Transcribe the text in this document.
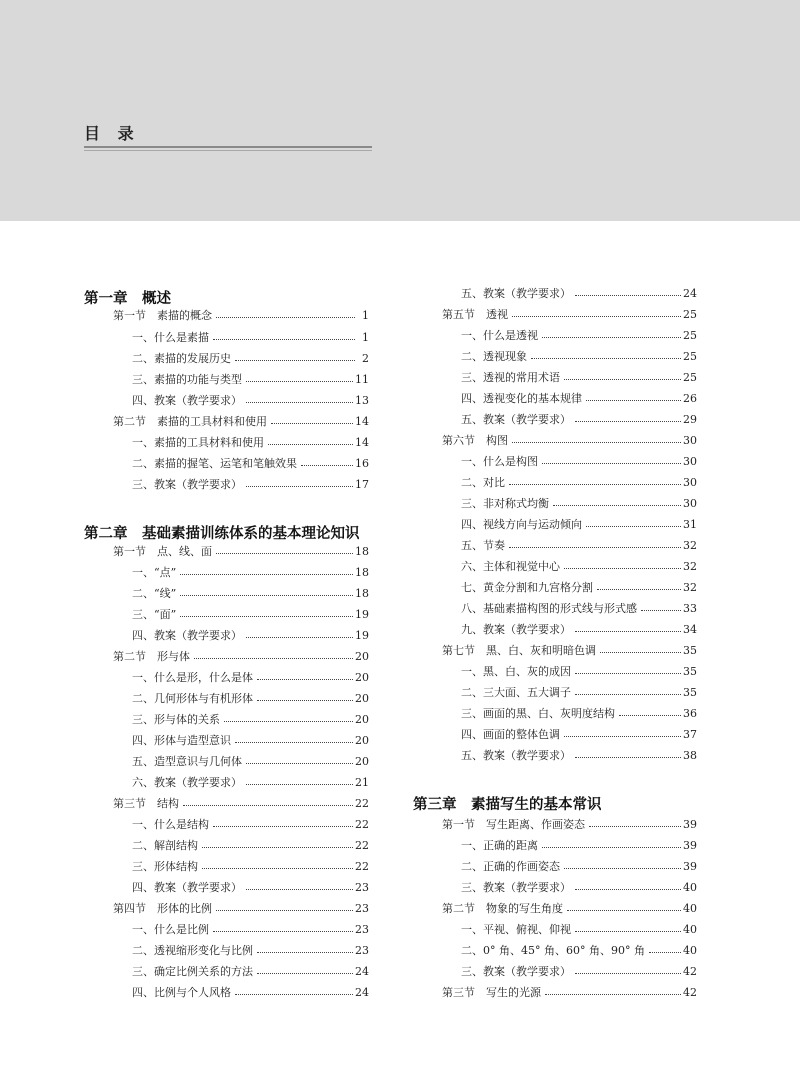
目 录
第一章　概述
第一节　素描的概念	1
一、什么是素描	1
二、素描的发展历史	2
三、素描的功能与类型	11
四、教案（教学要求）	13
第二节　素描的工具材料和使用	14
一、素描的工具材料和使用	14
二、素描的握笔、运笔和笔触效果	16
三、教案（教学要求）	17
第二章　基础素描训练体系的基本理论知识
第一节　点、线、面	18
一、“点”	18
二、“线”	18
三、“面”	19
四、教案（教学要求）	19
第二节　形与体	20
一、什么是形，什么是体	20
二、几何形体与有机形体	20
三、形与体的关系	20
四、形体与造型意识	20
五、造型意识与几何体	20
六、教案（教学要求）	21
第三节　结构	22
一、什么是结构	22
二、解剖结构	22
三、形体结构	22
四、教案（教学要求）	23
第四节　形体的比例	23
一、什么是比例	23
二、透视缩形变化与比例	23
三、确定比例关系的方法	24
四、比例与个人风格	24
五、教案（教学要求）	24
第五节　透视	25
一、什么是透视	25
二、透视现象	25
三、透视的常用术语	25
四、透视变化的基本规律	26
五、教案（教学要求）	29
第六节　构图	30
一、什么是构图	30
二、对比	30
三、非对称式均衡	30
四、视线方向与运动倾向	31
五、节奏	32
六、主体和视觉中心	32
七、黄金分割和九宫格分割	32
八、基础素描构图的形式线与形式感	33
九、教案（教学要求）	34
第七节　黑、白、灰和明暗色调	35
一、黑、白、灰的成因	35
二、三大面、五大调子	35
三、画面的黑、白、灰明度结构	36
四、画面的整体色调	37
五、教案（教学要求）	38
第三章　素描写生的基本常识
第一节　写生距离、作画姿态	39
一、正确的距离	39
二、正确的作画姿态	39
三、教案（教学要求）	40
第二节　物象的写生角度	40
一、平视、俯视、仰视	40
二、0° 角、45° 角、60° 角、90° 角	40
三、教案（教学要求）	42
第三节　写生的光源	42
